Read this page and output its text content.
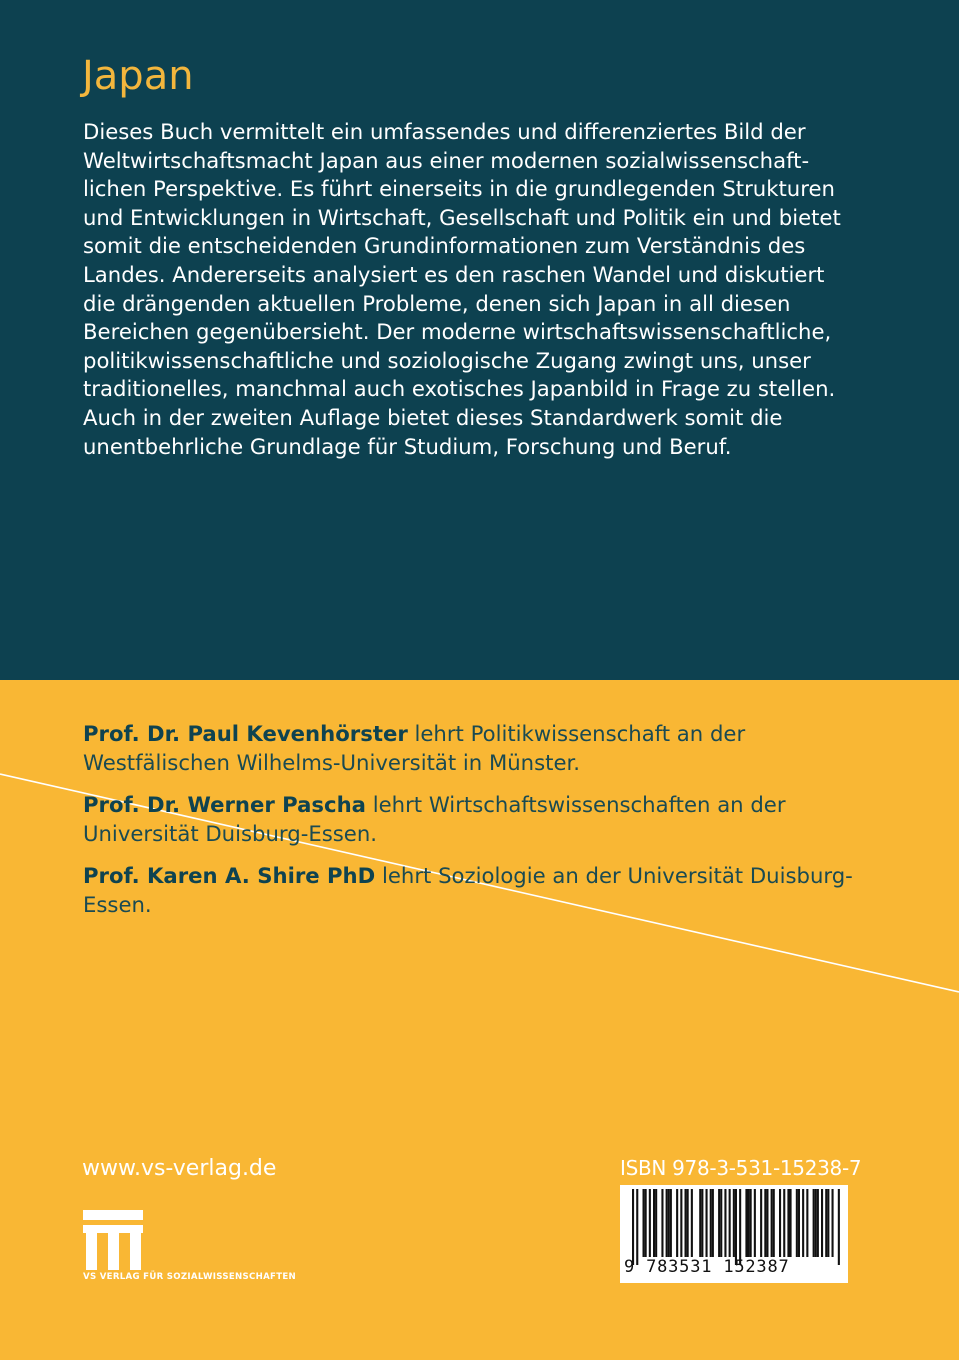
Japan

Dieses Buch vermittelt ein umfassendes und differenziertes Bild der
Weltwirtschaftsmacht Japan aus einer modernen sozialwissenschaft-
lichen Perspektive. Es führt einerseits in die grundlegenden Strukturen
und Entwicklungen in Wirtschaft, Gesellschaft und Politik ein und bietet
somit die entscheidenden Grundinformationen zum Verständnis des
Landes. Andererseits analysiert es den raschen Wandel und diskutiert
die drängenden aktuellen Probleme, denen sich Japan in all diesen
Bereichen gegenübersieht. Der moderne wirtschaftswissenschaftliche,
politikwissenschaftliche und soziologische Zugang zwingt uns, unser
traditionelles, manchmal auch exotisches Japanbild in Frage zu stellen.
Auch in der zweiten Auflage bietet dieses Standardwerk somit die
unentbehrliche Grundlage für Studium, Forschung und Beruf.

Prof. Dr. Paul Kevenhörster lehrt Politikwissenschaft an der
Westfälischen Wilhelms-Universität in Münster.

Prof. Dr. Werner Pascha lehrt Wirtschaftswissenschaften an der
Universität Duisburg-Essen.

Prof. Karen A. Shire PhD lehrt Soziologie an der Universität Duisburg-
Essen.

www.vs-verlag.de	ISBN 978-3-531-15238-7
9 783531 152387
VS VERLAG FÜR SOZIALWISSENSCHAFTEN
